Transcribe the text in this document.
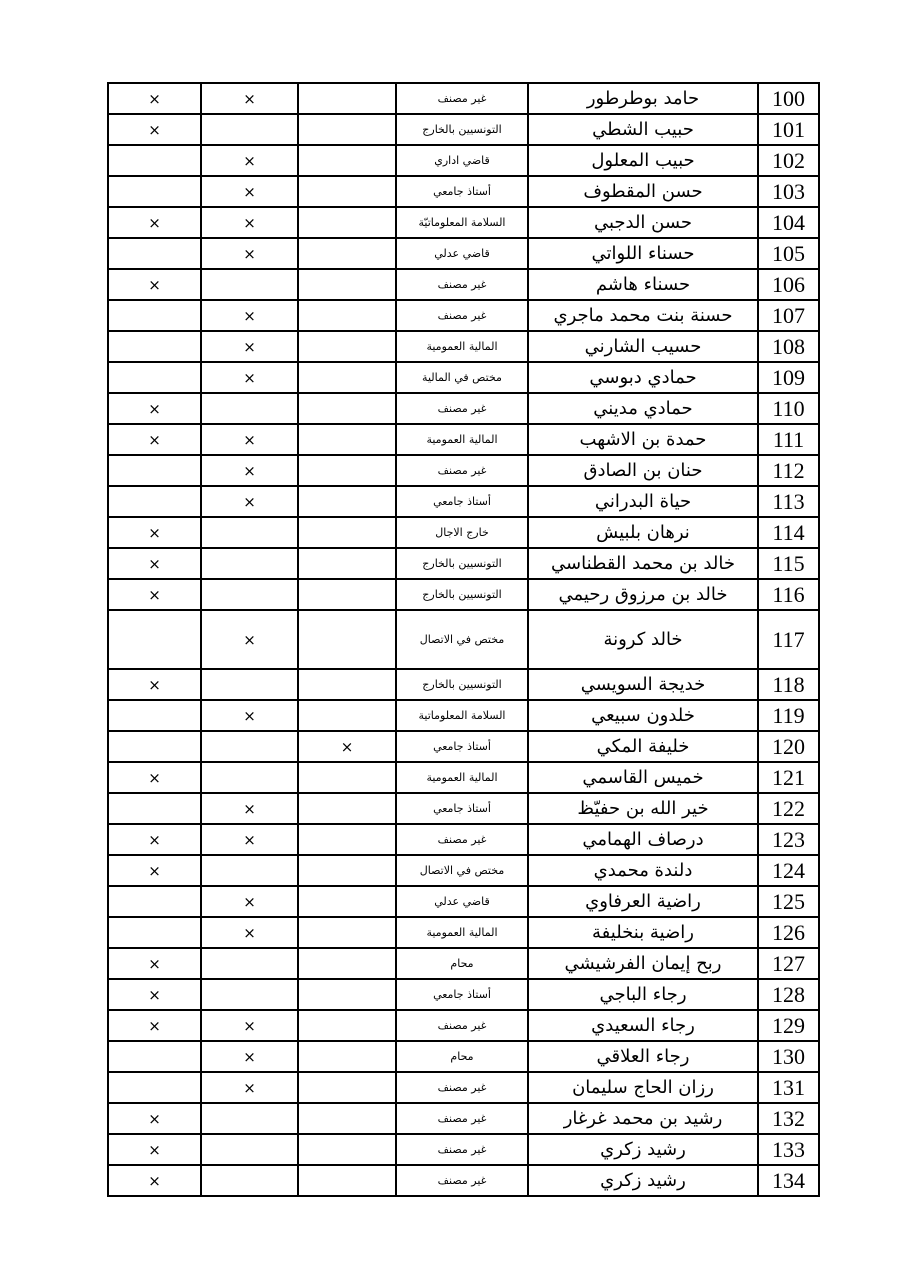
×	×		غير مصنف	حامد بوطرطور	100
×			التونسيين بالخارج	حبيب الشطي	101
	×		قاضي اداري	حبيب المعلول	102
	×		أستاذ جامعي	حسن المقطوف	103
×	×		السلامة المعلوماتيّة	حسن الدجبي	104
	×		قاضي عدلي	حسناء اللواتي	105
×			غير مصنف	حسناء هاشم	106
	×		غير مصنف	حسنة بنت محمد ماجري	107
	×		المالية العمومية	حسيب الشارني	108
	×		مختص في المالية	حمادي دبوسي	109
×			غير مصنف	حمادي مديني	110
×	×		المالية العمومية	حمدة بن الاشهب	111
	×		غير مصنف	حنان بن الصادق	112
	×		أستاذ جامعي	حياة البدراني	113
×			خارج الاجال	نرهان بلبيش	114
×			التونسيين بالخارج	خالد بن محمد القطناسي	115
×			التونسيين بالخارج	خالد بن مرزوق رحيمي	116
	×		مختص في الاتصال	خالد كرونة	117
×			التونسيين بالخارج	خديجة السويسي	118
	×		السلامة المعلوماتية	خلدون سبيعي	119
		×	أستاذ جامعي	خليفة المكي	120
×			المالية العمومية	خميس القاسمي	121
	×		أستاذ جامعي	خير الله بن حفيّظ	122
×	×		غير مصنف	درصاف الهمامي	123
×			مختص في الاتصال	دلندة محمدي	124
	×		قاضي عدلي	راضية العرفاوي	125
	×		المالية العمومية	راضية بنخليفة	126
×			محام	ربح إيمان الفرشيشي	127
×			أستاذ جامعي	رجاء الباجي	128
×	×		غير مصنف	رجاء السعيدي	129
	×		محام	رجاء العلاقي	130
	×		غير مصنف	رزان الحاج سليمان	131
×			غير مصنف	رشيد بن محمد غرغار	132
×			غير مصنف	رشيد زكري	133
×			غير مصنف	رشيد زكري	134
